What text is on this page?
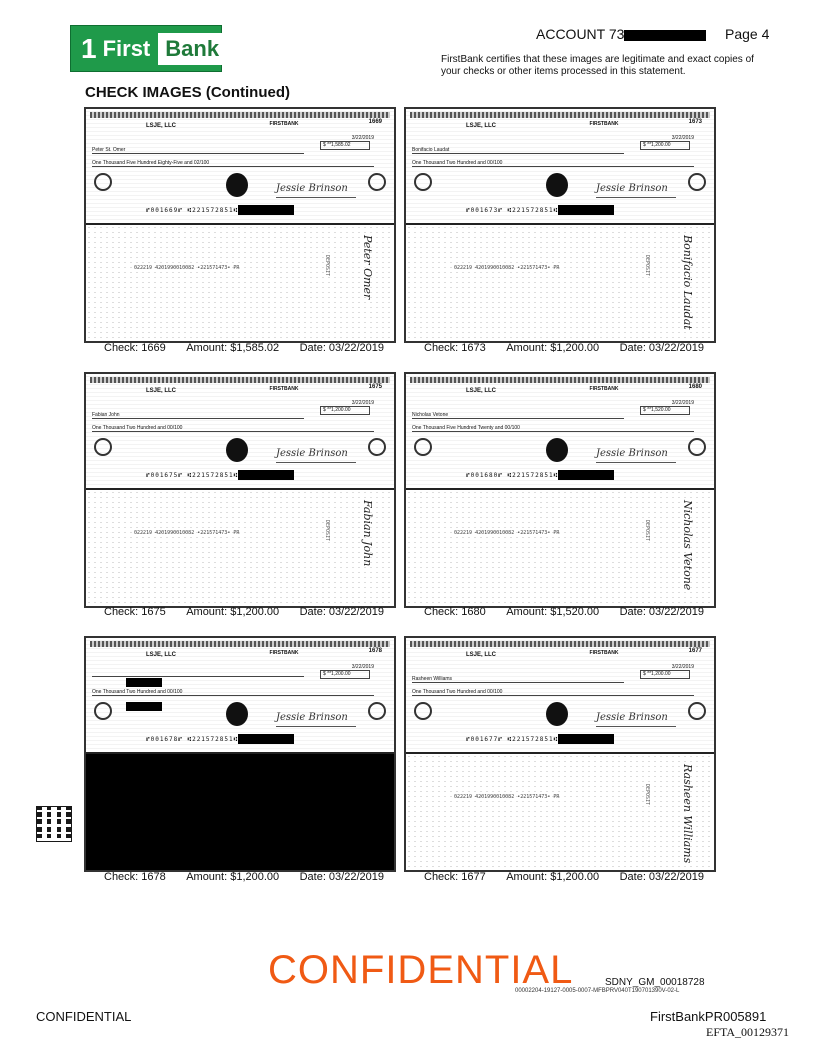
1 First Bank
ACCOUNT 73	Page 4
FirstBank certifies that these images are legitimate and exact copies of your checks or other items processed in this statement.
CHECK IMAGES (Continued)
LSJE, LLC	FIRSTBANK	1669
3/22/2019
Peter St. Omer
$ **1,585.02
One Thousand Five Hundred Eighty-Five and 02/100
Jessie Brinson
⑈001669⑈ ⑆221572851⑆
022219 4201990010082 •221571473• PR	Peter Omer
DEPOSIT
Check: 1669 Amount: $1,585.02 Date: 03/22/2019
LSJE, LLC	FIRSTBANK	1673
3/22/2019
Bonifacio Laudat
$ **1,200.00
One Thousand Two Hundred and 00/100
Jessie Brinson
⑈001673⑈ ⑆221572851⑆
022219 4201990010082 •221571473• PR	Bonifacio Laudat
DEPOSIT
Check: 1673 Amount: $1,200.00 Date: 03/22/2019
LSJE, LLC	FIRSTBANK	1675
3/22/2019
Fabian John
$ **1,200.00
One Thousand Two Hundred and 00/100
Jessie Brinson
⑈001675⑈ ⑆221572851⑆
022219 4201990010082 •221571473• PR	Fabian John
DEPOSIT
Check: 1675 Amount: $1,200.00 Date: 03/22/2019
LSJE, LLC	FIRSTBANK	1680
3/22/2019
Nicholas Vetone
$ **1,520.00
One Thousand Five Hundred Twenty and 00/100
Jessie Brinson
⑈001680⑈ ⑆221572851⑆
022219 4201990010082 •221571473• PR	Nicholas Vetone
DEPOSIT
Check: 1680 Amount: $1,520.00 Date: 03/22/2019
LSJE, LLC	FIRSTBANK	1678
3/22/2019
$ **1,200.00
One Thousand Two Hundred and 00/100
Jessie Brinson
⑈001678⑈ ⑆221572851⑆
Check: 1678 Amount: $1,200.00 Date: 03/22/2019
LSJE, LLC	FIRSTBANK	1677
3/22/2019
Rasheen Williams
$ **1,200.00
One Thousand Two Hundred and 00/100
Jessie Brinson
⑈001677⑈ ⑆221572851⑆
022219 4201990010082 •221571473• PR	Rasheen Williams
DEPOSIT
Check: 1677 Amount: $1,200.00 Date: 03/22/2019
CONFIDENTIAL	SDNY_GM_00018728
00002204-19127-0005-0007-MFBPRV040T190701390V-02-L
CONFIDENTIAL	FirstBankPR005891
EFTA_00129371
